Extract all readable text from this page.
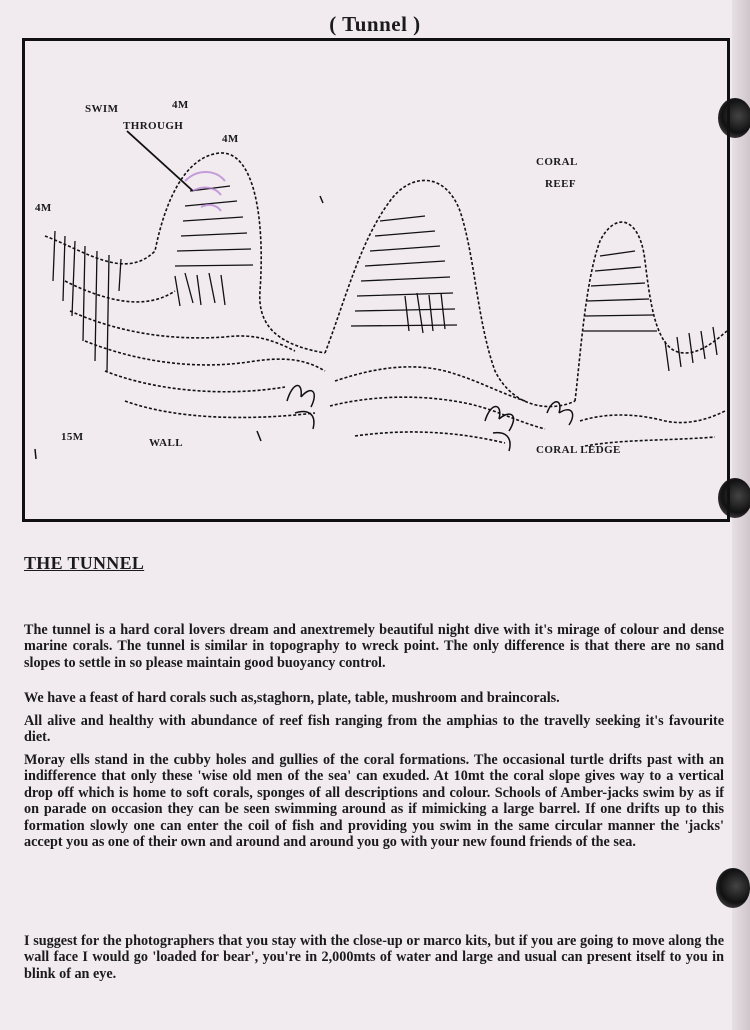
( Tunnel )
SWIM	4M
THROUGH
4M
4M
CORAL
REEF
15M	WALL
CORAL LEDGE
THE TUNNEL

The tunnel is a hard coral lovers dream and anextremely beautiful night dive with it's mirage of colour and dense marine corals. The tunnel is similar in topography to wreck point. The only difference is that there are no sand slopes to settle in so please maintain good buoyancy control.

We have a feast of hard corals such as,staghorn, plate, table, mushroom and braincorals.

All alive and healthy with abundance of reef fish ranging from the amphias to the travelly seeking it's favourite diet.

Moray ells stand in the cubby holes and gullies of the coral formations. The occasional turtle drifts past with an indifference that only these 'wise old men of the sea' can exuded. At 10mt the coral slope gives way to a vertical drop off which is home to soft corals, sponges of all descriptions and colour. Schools of Amber-jacks swim by as if on parade on occasion they can be seen swimming around as if mimicking a large barrel. If one drifts up to this formation slowly one can enter the coil of fish and providing you swim in the same circular manner the 'jacks' accept you as one of their own and around and around you go with your new found friends of the sea.

I suggest for the photographers that you stay with the close-up or marco kits, but if you are going to move along the wall face I would go 'loaded for bear', you're in 2,000mts of water and large and usual can present itself to you in blink of an eye.
